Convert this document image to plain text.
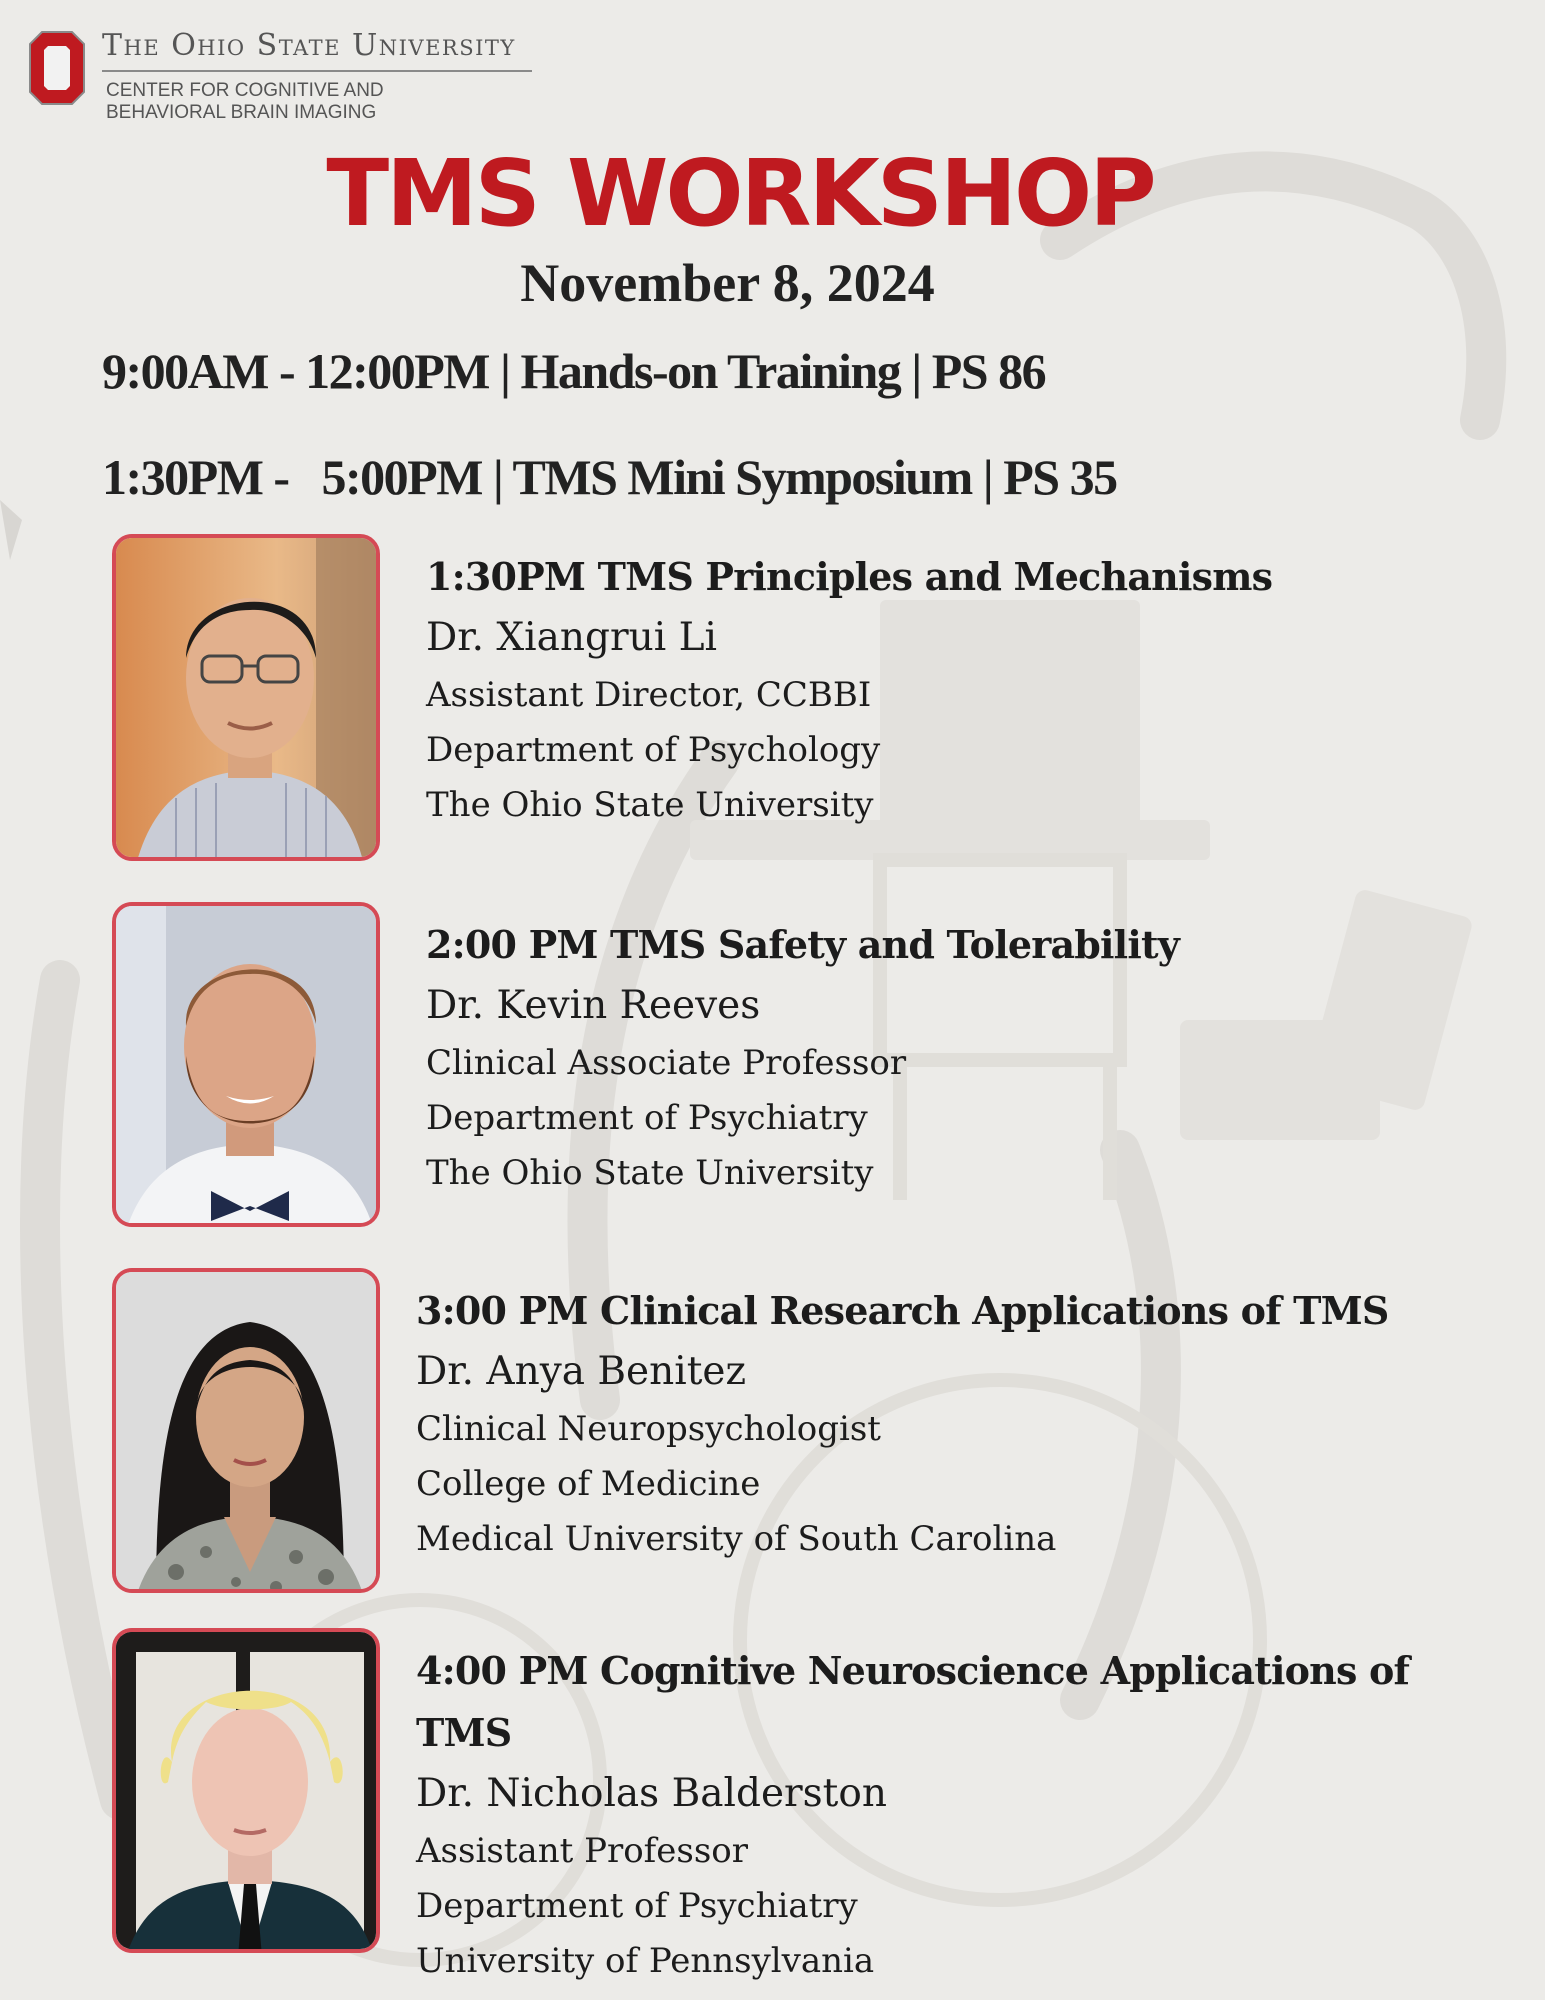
The Ohio State University
CENTER FOR COGNITIVE AND
BEHAVIORAL BRAIN IMAGING
TMS WORKSHOP
November 8, 2024
9:00AM - 12:00PM | Hands-on Training | PS 86
1:30PM -   5:00PM | TMS Mini Symposium | PS 35
1:30PM TMS Principles and Mechanisms
Dr. Xiangrui Li
Assistant Director, CCBBI
Department of Psychology
The Ohio State University
2:00 PM TMS Safety and Tolerability
Dr. Kevin Reeves
Clinical Associate Professor
Department of Psychiatry
The Ohio State University
3:00 PM Clinical Research Applications of TMS
Dr. Anya Benitez
Clinical Neuropsychologist
College of Medicine
Medical University of South Carolina
4:00 PM Cognitive Neuroscience Applications of TMS
Dr. Nicholas Balderston
Assistant Professor
Department of Psychiatry
University of Pennsylvania
